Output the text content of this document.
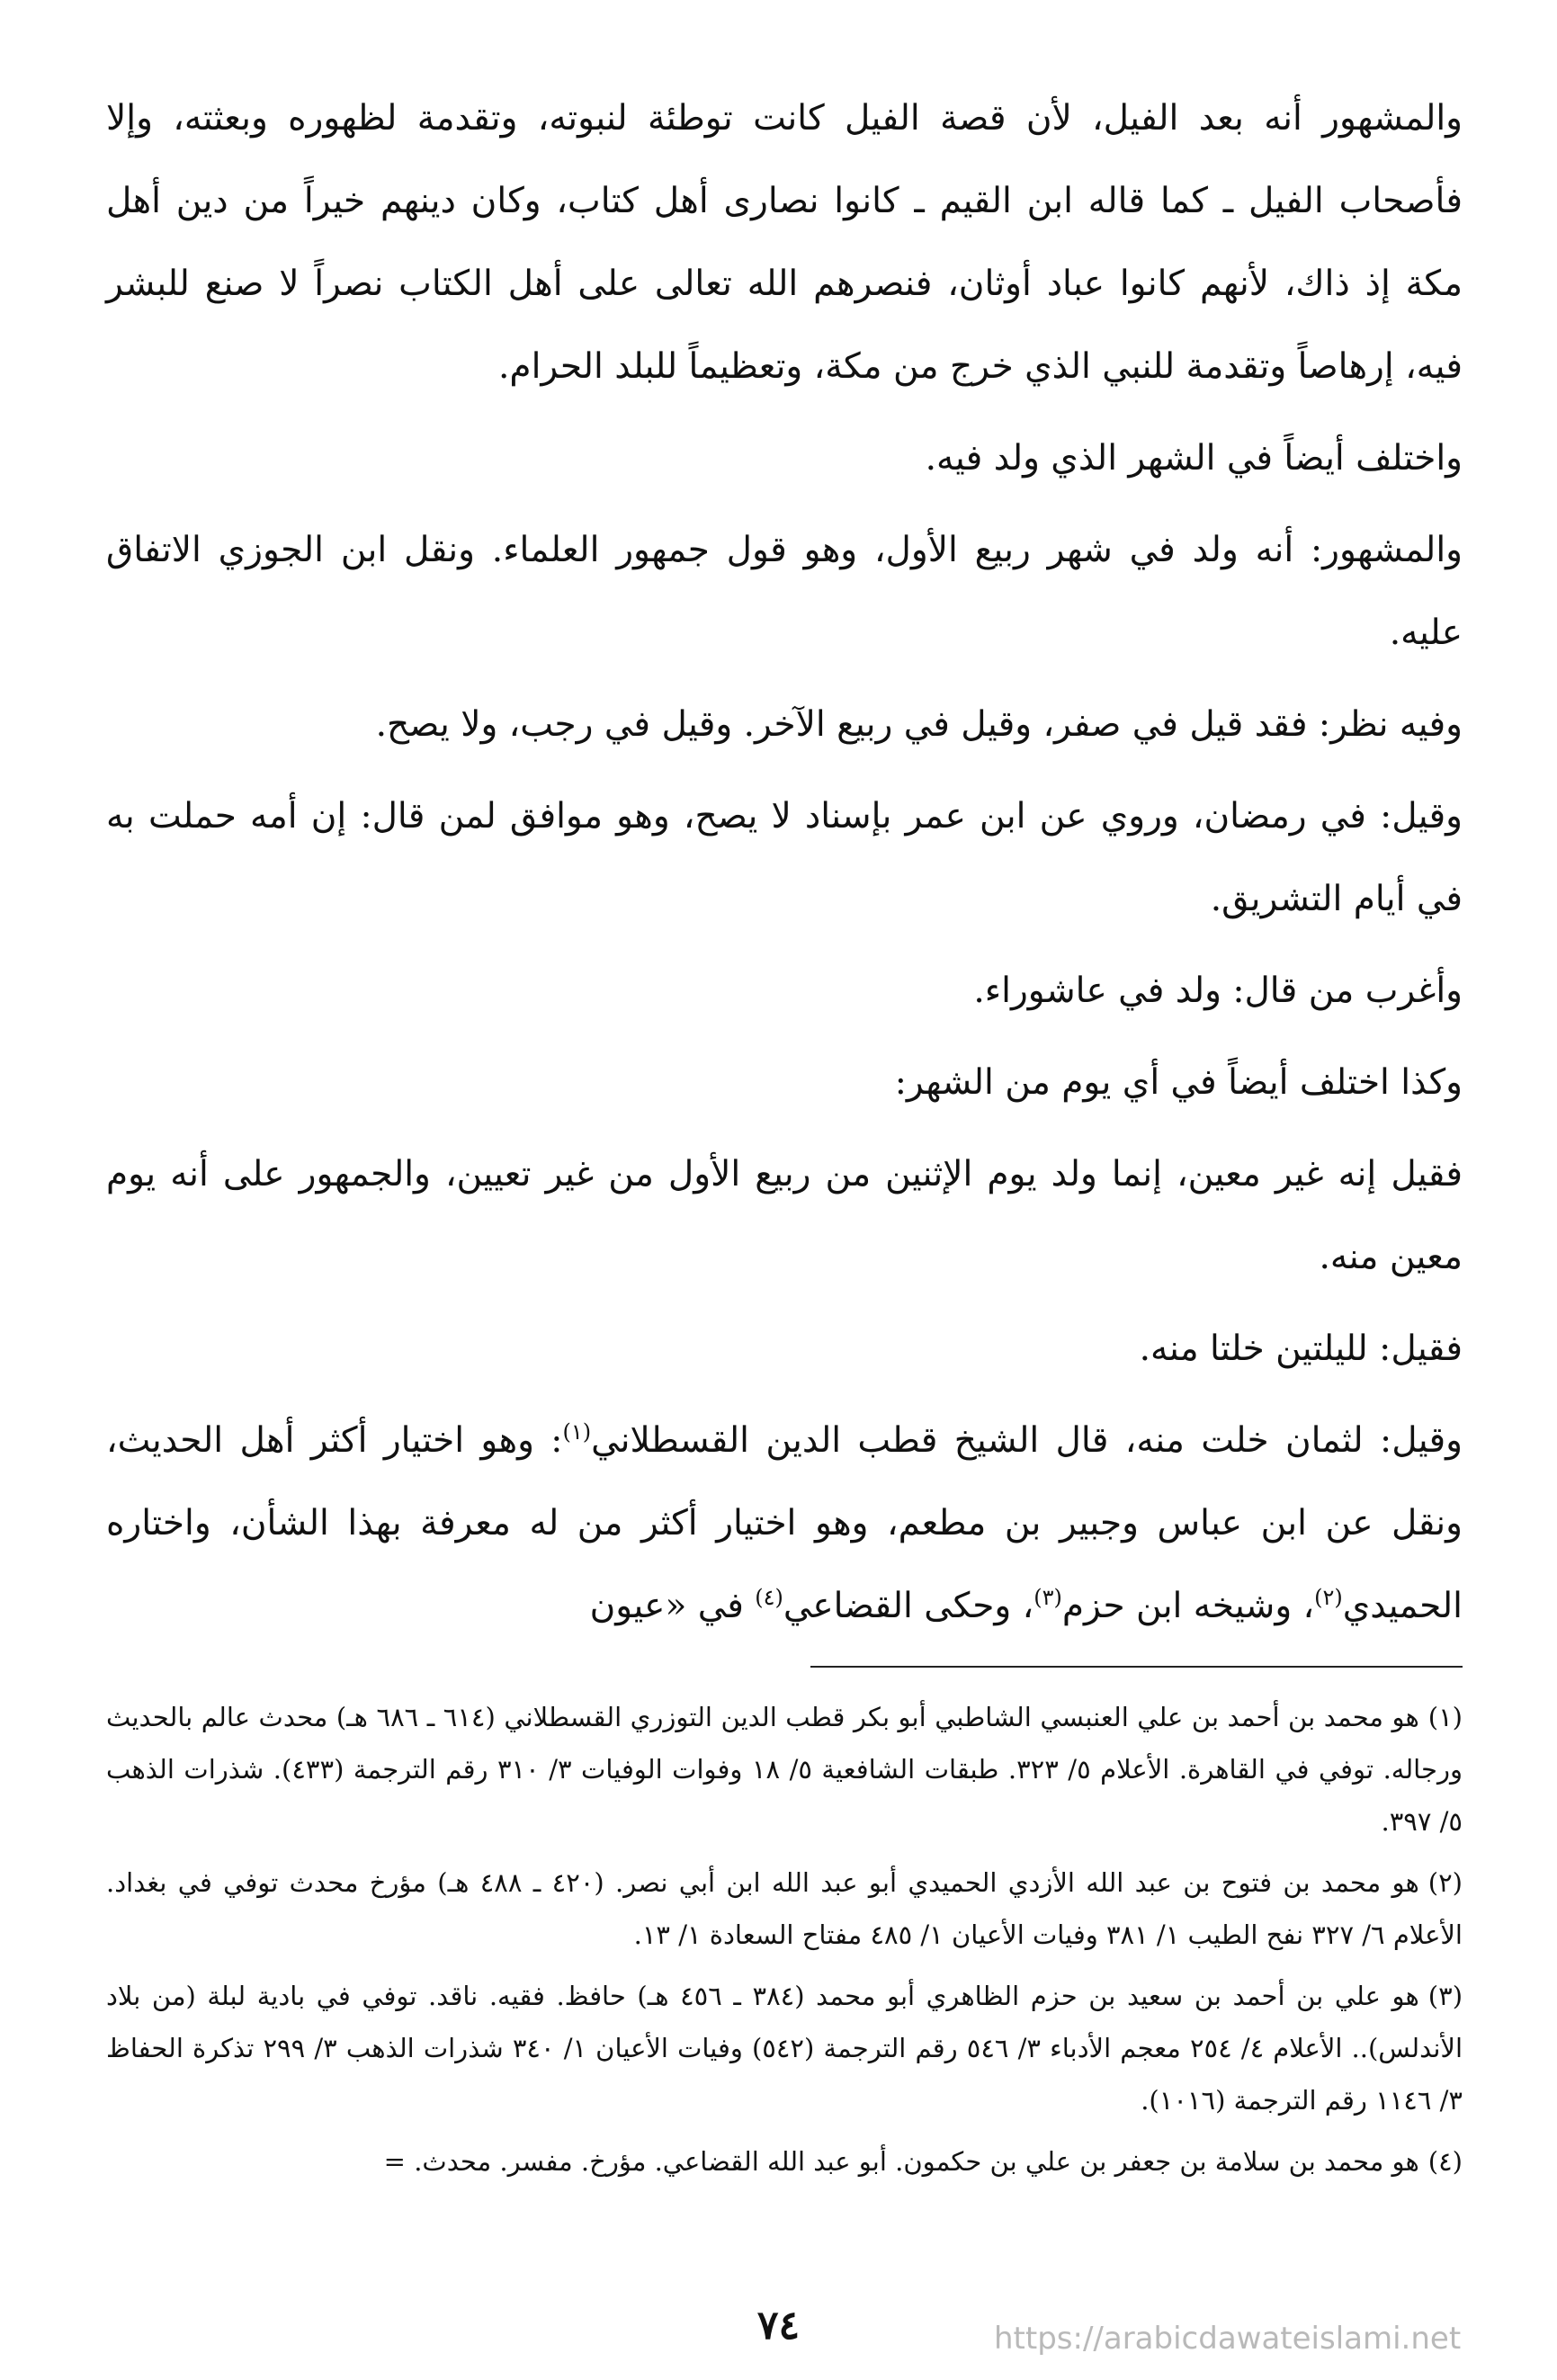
والمشهور أنه بعد الفيل، لأن قصة الفيل كانت توطئة لنبوته، وتقدمة لظهوره وبعثته، وإلا فأصحاب الفيل ـ كما قاله ابن القيم ـ كانوا نصارى أهل كتاب، وكان دينهم خيراً من دين أهل مكة إذ ذاك، لأنهم كانوا عباد أوثان، فنصرهم الله تعالى على أهل الكتاب نصراً لا صنع للبشر فيه، إرهاصاً وتقدمة للنبي الذي خرج من مكة، وتعظيماً للبلد الحرام.

واختلف أيضاً في الشهر الذي ولد فيه.

والمشهور: أنه ولد في شهر ربيع الأول، وهو قول جمهور العلماء. ونقل ابن الجوزي الاتفاق عليه.

وفيه نظر: فقد قيل في صفر، وقيل في ربيع الآخر. وقيل في رجب، ولا يصح.

وقيل: في رمضان، وروي عن ابن عمر بإسناد لا يصح، وهو موافق لمن قال: إن أمه حملت به في أيام التشريق.

وأغرب من قال: ولد في عاشوراء.

وكذا اختلف أيضاً في أي يوم من الشهر:

فقيل إنه غير معين، إنما ولد يوم الإثنين من ربيع الأول من غير تعيين، والجمهور على أنه يوم معين منه.

فقيل: لليلتين خلتا منه.

وقيل: لثمان خلت منه، قال الشيخ قطب الدين القسطلاني$^{(١)}$: وهو اختيار أكثر أهل الحديث، ونقل عن ابن عباس وجبير بن مطعم، وهو اختيار أكثر من له معرفة بهذا الشأن، واختاره الحميدي$^{(٢)}$، وشيخه ابن حزم$^{(٣)}$، وحكى القضاعي$^{(٤)}$ في «عيون

(١)هو محمد بن أحمد بن علي العنبسي الشاطبي أبو بكر قطب الدين التوزري القسطلاني (٦١٤ ـ ٦٨٦ هـ) محدث عالم بالحديث ورجاله. توفي في القاهرة. الأعلام ٥/ ٣٢٣. طبقات الشافعية ٥/ ١٨ وفوات الوفيات ٣/ ٣١٠ رقم الترجمة (٤٣٣). شذرات الذهب ٥/ ٣٩٧.

(٢)هو محمد بن فتوح بن عبد الله الأزدي الحميدي أبو عبد الله ابن أبي نصر. (٤٢٠ ـ ٤٨٨ هـ) مؤرخ محدث توفي في بغداد. الأعلام ٦/ ٣٢٧ نفح الطيب ١/ ٣٨١ وفيات الأعيان ١/ ٤٨٥ مفتاح السعادة ١/ ١٣.

(٣)هو علي بن أحمد بن سعيد بن حزم الظاهري أبو محمد (٣٨٤ ـ ٤٥٦ هـ) حافظ. فقيه. ناقد. توفي في بادية لبلة (من بلاد الأندلس).. الأعلام ٤/ ٢٥٤ معجم الأدباء ٣/ ٥٤٦ رقم الترجمة (٥٤٢) وفيات الأعيان ١/ ٣٤٠ شذرات الذهب ٣/ ٢٩٩ تذكرة الحفاظ ٣/ ١١٤٦ رقم الترجمة (١٠١٦).

(٤)هو محمد بن سلامة بن جعفر بن علي بن حكمون. أبو عبد الله القضاعي. مؤرخ. مفسر. محدث. =

٧٤	https://arabicdawateislami.net
